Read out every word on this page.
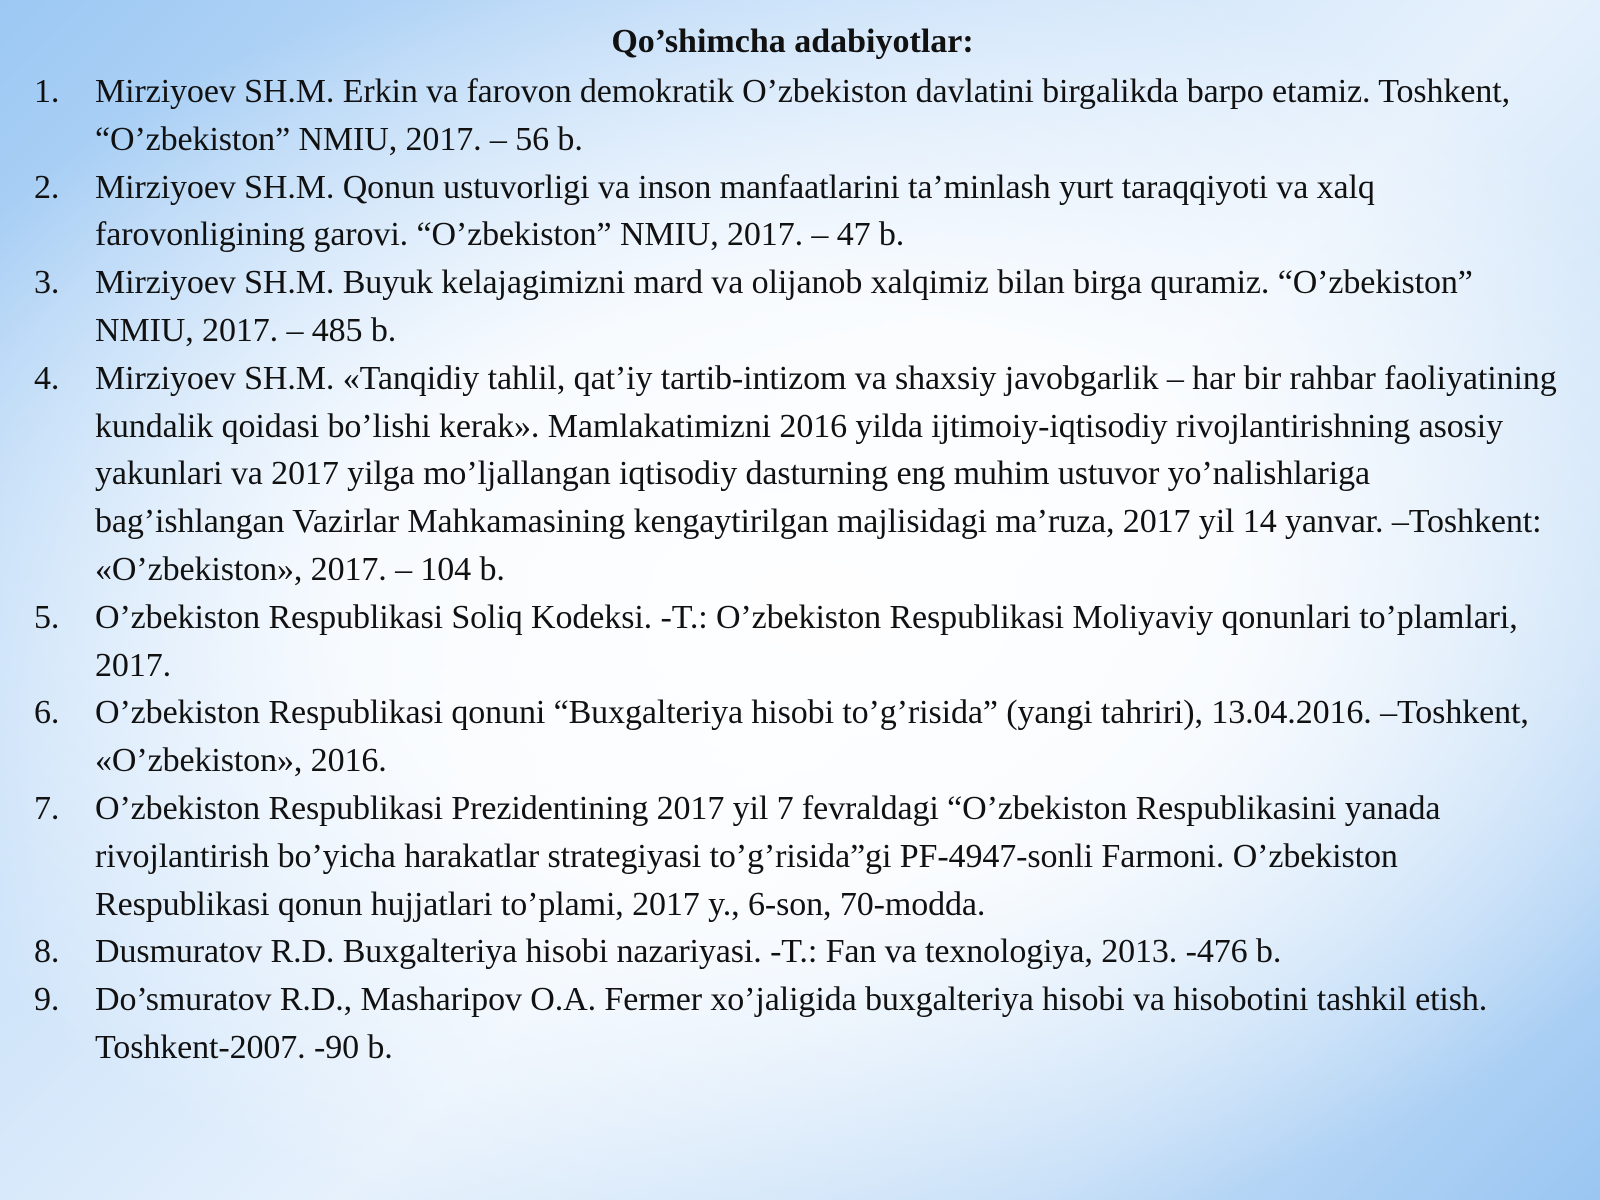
Qo’shimcha adabiyotlar:
1. Mirziyoev SH.M. Erkin va farovon demokratik O’zbekiston davlatini birgalikda barpo etamiz. Toshkent, “O’zbekiston” NMIU, 2017. – 56 b.
2. Mirziyoev SH.M. Qonun ustuvorligi va inson manfaatlarini ta’minlash yurt taraqqiyoti va xalq farovonligining garovi. “O’zbekiston” NMIU, 2017. – 47 b.
3. Mirziyoev SH.M. Buyuk kelajagimizni mard va olijanob xalqimiz bilan birga quramiz. “O’zbekiston” NMIU, 2017. – 485 b.
4. Mirziyoev SH.M. «Tanqidiy tahlil, qat’iy tartib-intizom va shaxsiy javobgarlik – har bir rahbar faoliyatining kundalik qoidasi bo’lishi kerak». Mamlakatimizni 2016 yilda ijtimoiy-iqtisodiy rivojlantirishning asosiy yakunlari va 2017 yilga mo’ljallangan iqtisodiy dasturning eng muhim ustuvor yo’nalishlariga bag’ishlangan Vazirlar Mahkamasining kengaytirilgan majlisidagi ma’ruza, 2017 yil 14 yanvar. –Toshkent: «O’zbekiston», 2017. – 104 b.
5. O’zbekiston Respublikasi Soliq Kodeksi. -T.: O’zbekiston Respublikasi Moliyaviy qonunlari to’plamlari, 2017.
6. O’zbekiston Respublikasi qonuni “Buxgalteriya hisobi to’g’risida” (yangi tahriri), 13.04.2016. –Toshkent, «O’zbekiston», 2016.
7. O’zbekiston Respublikasi Prezidentining 2017 yil 7 fevraldagi “O’zbekiston Respublikasini yanada rivojlantirish bo’yicha harakatlar strategiyasi to’g’risida”gi PF-4947-sonli Farmoni. O’zbekiston Respublikasi qonun hujjatlari to’plami, 2017 y., 6-son, 70-modda.
8. Dusmuratov R.D. Buxgalteriya hisobi nazariyasi. -T.: Fan va texnologiya, 2013. -476 b.
9. Do’smuratov R.D., Masharipov O.A. Fermer xo’jaligida buxgalteriya hisobi va hisobotini tashkil etish. Toshkent-2007. -90 b.
